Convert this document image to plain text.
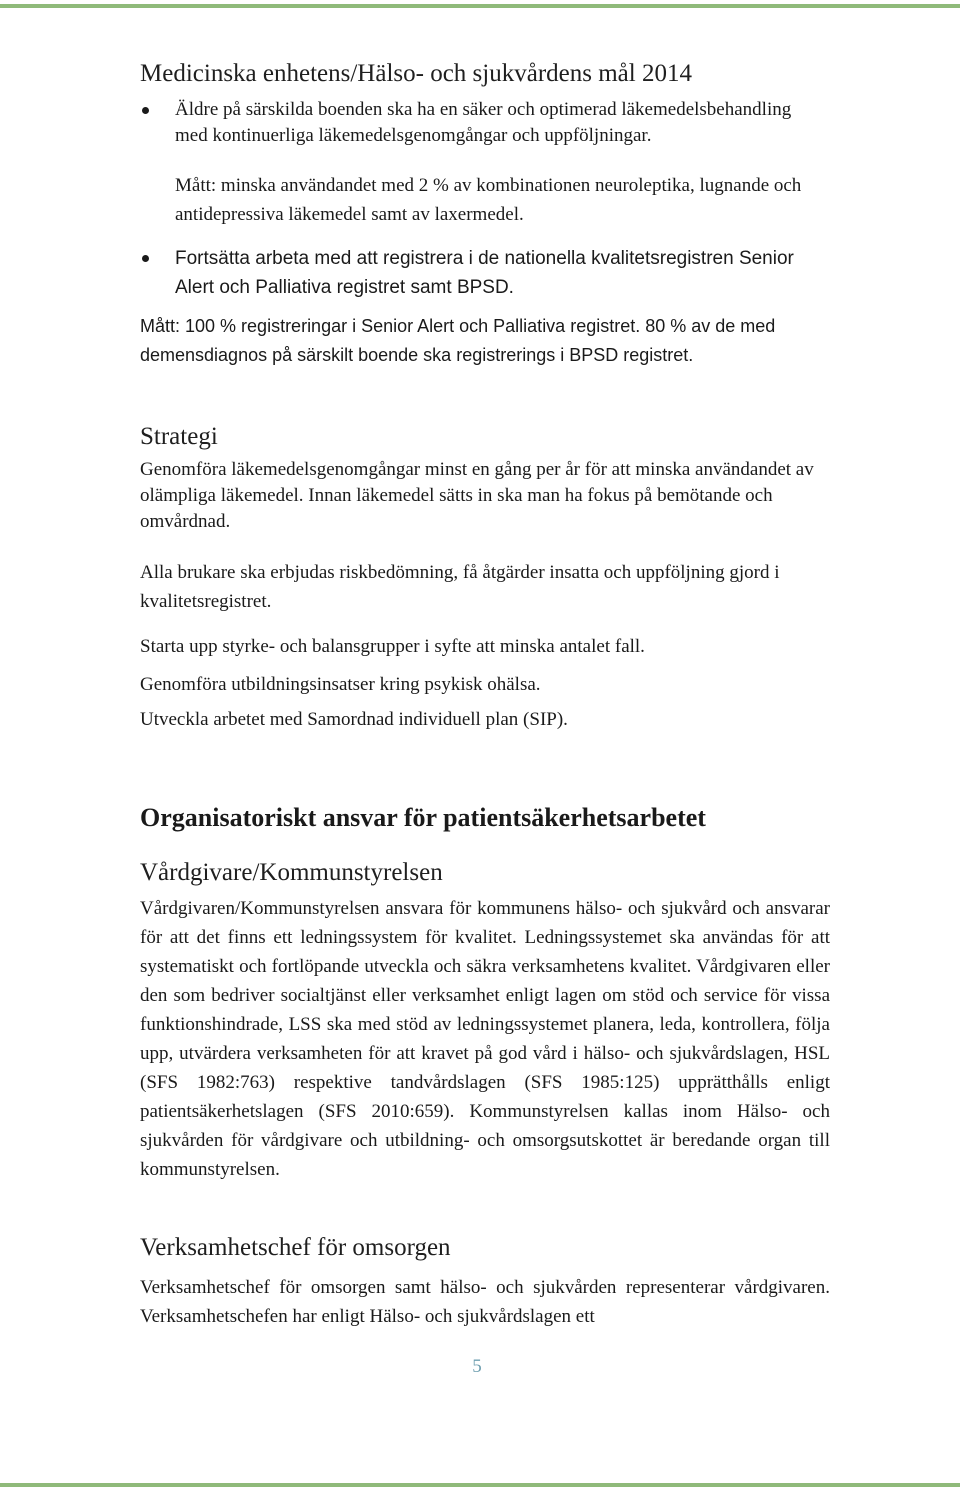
Medicinska enhetens/Hälso- och sjukvårdens mål 2014
Äldre på särskilda boenden ska ha en säker och optimerad läkemedelsbehandling med kontinuerliga läkemedelsgenomgångar och uppföljningar.

Mått: minska användandet med 2 % av kombinationen neuroleptika, lugnande och antidepressiva läkemedel samt av laxermedel.

Fortsätta arbeta med att registrera i de nationella kvalitetsregistren Senior Alert och Palliativa registret samt BPSD.

Mått: 100 % registreringar i Senior Alert och Palliativa registret. 80 % av de med demensdiagnos på särskilt boende ska registrerings i BPSD registret.

Strategi

Genomföra läkemedelsgenomgångar minst en gång per år för att minska användandet av olämpliga läkemedel. Innan läkemedel sätts in ska man ha fokus på bemötande och omvårdnad.

Alla brukare ska erbjudas riskbedömning, få åtgärder insatta och uppföljning gjord i kvalitetsregistret.

Starta upp styrke- och balansgrupper i syfte att minska antalet fall.

Genomföra utbildningsinsatser kring psykisk ohälsa.

Utveckla arbetet med Samordnad individuell plan (SIP).

Organisatoriskt ansvar för patientsäkerhetsarbetet
Vårdgivare/Kommunstyrelsen

Vårdgivaren/Kommunstyrelsen ansvara för kommunens hälso- och sjukvård och ansvarar för att det finns ett ledningssystem för kvalitet. Ledningssystemet ska användas för att systematiskt och fortlöpande utveckla och säkra verksamhetens kvalitet. Vårdgivaren eller den som bedriver socialtjänst eller verksamhet enligt lagen om stöd och service för vissa funktionshindrade, LSS ska med stöd av ledningssystemet planera, leda, kontrollera, följa upp, utvärdera verksamheten för att kravet på god vård i hälso- och sjukvårdslagen, HSL (SFS 1982:763) respektive tandvårdslagen (SFS 1985:125) upprätthålls enligt patientsäkerhetslagen (SFS 2010:659). Kommunstyrelsen kallas inom Hälso- och sjukvården för vårdgivare och utbildning- och omsorgsutskottet är beredande organ till kommunstyrelsen.

Verksamhetschef för omsorgen

Verksamhetschef för omsorgen samt hälso- och sjukvården representerar vårdgivaren. Verksamhetschefen har enligt Hälso- och sjukvårdslagen ett

5
